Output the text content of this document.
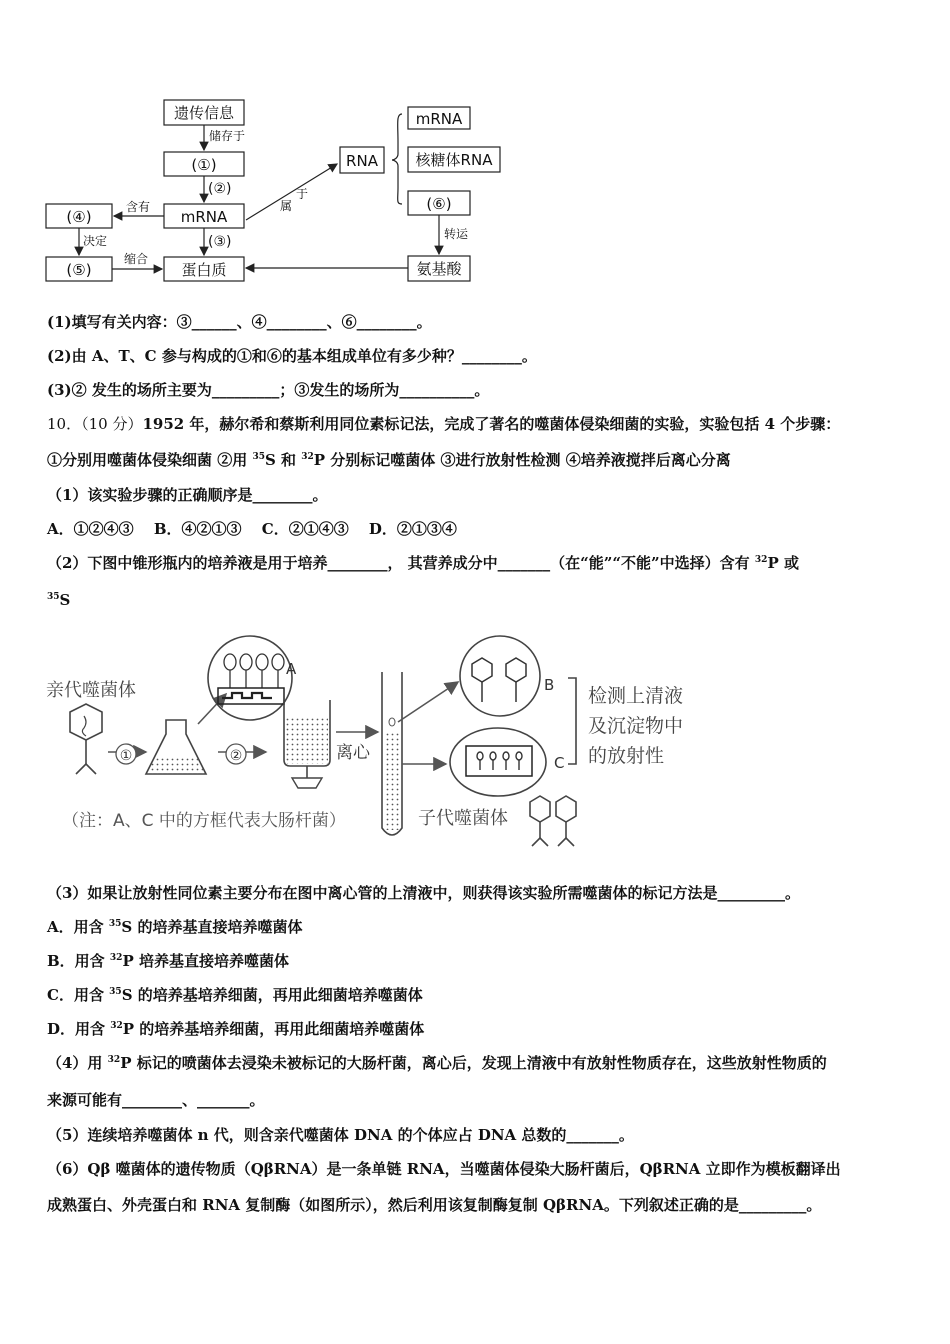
遗传信息
储存于
(①)
(②)
mRNA
(③)
蛋白质
(④)
含有
决定
(⑤)
缩合
属
于
RNA
mRNA
核糖体RNA
(⑥)
转运
氨基酸
(1)填写有关内容：③______、④________、⑥________。
(2)由 A、T、C 参与构成的①和⑥的基本组成单位有多少种？________。
(3)② 发生的场所主要为_________；③发生的场所为__________。
10．（10 分）1952 年，赫尔希和蔡斯利用同位素标记法，完成了著名的噬菌体侵染细菌的实验，实验包括 4 个步骤：
①分别用噬菌体侵染细菌 ②用 $^{35}$S 和 $^{32}$P 分别标记噬菌体 ③进行放射性检测 ④培养液搅拌后离心分离
（1）该实验步骤的正确顺序是________。
A．①②④③　 B．④②①③　 C．②①④③　 D．②①③④
（2）下图中锥形瓶内的培养液是用于培养________， 其营养成分中_______（在“能”“不能”中选择）含有 $^{32}$P 或
$^{35}$S
亲代噬菌体
①
A
②	离心
B
C
检测上清液
及沉淀物中
的放射性
（注：A、C 中的方框代表大肠杆菌）	子代噬菌体
（3）如果让放射性同位素主要分布在图中离心管的上清液中，则获得该实验所需噬菌体的标记方法是_________。
A．用含 $^{35}$S 的培养基直接培养噬菌体
B．用含 $^{32}$P 培养基直接培养噬菌体
C．用含 $^{35}$S 的培养基培养细菌，再用此细菌培养噬菌体
D．用含 $^{32}$P 的培养基培养细菌，再用此细菌培养噬菌体
（4）用 $^{32}$P 标记的喷菌体去浸染未被标记的大肠杆菌，离心后，发现上清液中有放射性物质存在，这些放射性物质的
来源可能有________、_______。
（5）连续培养噬菌体 n 代，则含亲代噬菌体 DNA 的个体应占 DNA 总数的_______。
（6）Qβ 噬菌体的遗传物质（QβRNA）是一条单链 RNA，当噬菌体侵染大肠杆菌后，QβRNA 立即作为模板翻译出
成熟蛋白、外壳蛋白和 RNA 复制酶（如图所示），然后利用该复制酶复制 QβRNA。下列叙述正确的是_________。
